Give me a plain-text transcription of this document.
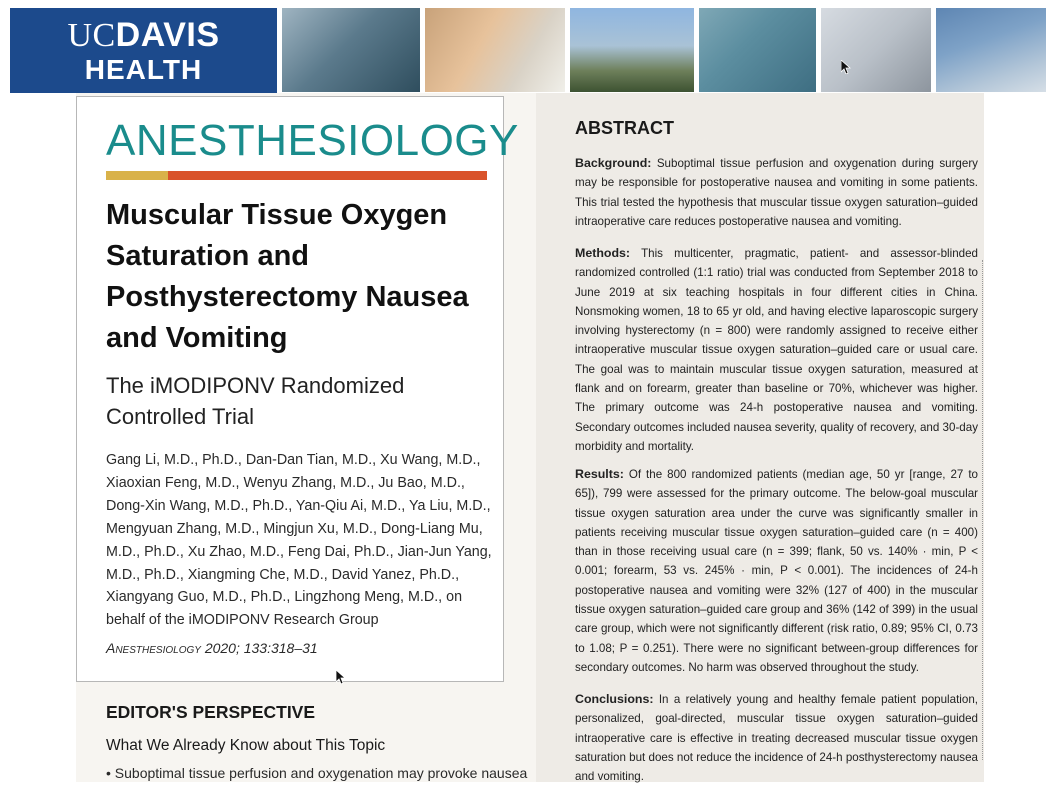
UCDAVIS
HEALTH
ANESTHESIOLOGY
Muscular Tissue Oxygen Saturation and Posthysterectomy Nausea and Vomiting
The iMODIPONV Randomized Controlled Trial
Gang Li, M.D., Ph.D., Dan-Dan Tian, M.D., Xu Wang, M.D., Xiaoxian Feng, M.D., Wenyu Zhang, M.D., Ju Bao, M.D., Dong-Xin Wang, M.D., Ph.D., Yan-Qiu Ai, M.D., Ya Liu, M.D., Mengyuan Zhang, M.D., Mingjun Xu, M.D., Dong-Liang Mu, M.D., Ph.D., Xu Zhao, M.D., Feng Dai, Ph.D., Jian-Jun Yang, M.D., Ph.D., Xiangming Che, M.D., David Yanez, Ph.D., Xiangyang Guo, M.D., Ph.D., Lingzhong Meng, M.D., on behalf of the iMODIPONV Research Group
Anesthesiology 2020; 133:318–31
EDITOR'S PERSPECTIVE
What We Already Know about This Topic
• Suboptimal tissue perfusion and oxygenation may provoke nausea
ABSTRACT
Background: Suboptimal tissue perfusion and oxygenation during surgery may be responsible for postoperative nausea and vomiting in some patients. This trial tested the hypothesis that muscular tissue oxygen saturation–guided intraoperative care reduces postoperative nausea and vomiting.
Methods: This multicenter, pragmatic, patient- and assessor-blinded randomized controlled (1:1 ratio) trial was conducted from September 2018 to June 2019 at six teaching hospitals in four different cities in China. Nonsmoking women, 18 to 65 yr old, and having elective laparoscopic surgery involving hysterectomy (n = 800) were randomly assigned to receive either intraoperative muscular tissue oxygen saturation–guided care or usual care. The goal was to maintain muscular tissue oxygen saturation, measured at flank and on forearm, greater than baseline or 70%, whichever was higher. The primary outcome was 24-h postoperative nausea and vomiting. Secondary outcomes included nausea severity, quality of recovery, and 30-day morbidity and mortality.
Results: Of the 800 randomized patients (median age, 50 yr [range, 27 to 65]), 799 were assessed for the primary outcome. The below-goal muscular tissue oxygen saturation area under the curve was significantly smaller in patients receiving muscular tissue oxygen saturation–guided care (n = 400) than in those receiving usual care (n = 399; flank, 50 vs. 140% · min, P < 0.001; forearm, 53 vs. 245% · min, P < 0.001). The incidences of 24-h postoperative nausea and vomiting were 32% (127 of 400) in the muscular tissue oxygen saturation–guided care group and 36% (142 of 399) in the usual care group, which were not significantly different (risk ratio, 0.89; 95% CI, 0.73 to 1.08; P = 0.251). There were no significant between-group differences for secondary outcomes. No harm was observed throughout the study.
Conclusions: In a relatively young and healthy female patient population, personalized, goal-directed, muscular tissue oxygen saturation–guided intraoperative care is effective in treating decreased muscular tissue oxygen saturation but does not reduce the incidence of 24-h posthysterectomy nausea and vomiting.
